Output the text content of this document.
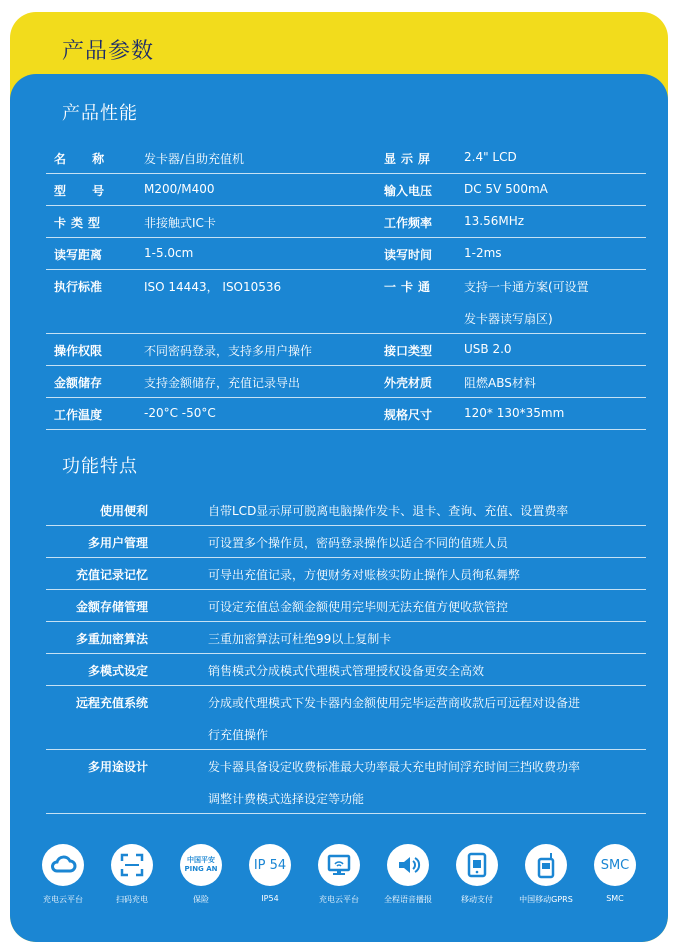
产品参数
产品性能
名 称 发卡器/自助充值机	显示屏 2.4" LCD
型 号 M200/M400	输入电压	DC 5V 500mA
卡类型	非接触式IC卡	工作频率	13.56MHz
读写距离	1-5.0cm	读写时间	1-2ms
执行标准	ISO 14443， ISO10536	一卡通 支持一卡通方案(可设置
发卡器读写扇区)
操作权限	不同密码登录，支持多用户操作	接口类型	USB 2.0
金额储存	支持金额储存，充值记录导出	外壳材质	阻燃ABS材料
工作温度	-20°C -50°C	规格尺寸	120* 130*35mm
功能特点
使用便利	自带LCD显示屏可脱离电脑操作发卡、退卡、查询、充值、设置费率
多用户管理	可设置多个操作员，密码登录操作以适合不同的值班人员
充值记录记忆	可导出充值记录，方便财务对账核实防止操作人员徇私舞弊
金额存储管理	可设定充值总金额金额使用完毕则无法充值方便收款管控
多重加密算法	三重加密算法可杜绝99以上复制卡
多模式设定	销售模式分成模式代理模式管理授权设备更安全高效
远程充值系统	分成或代理模式下发卡器内金额使用完毕运营商收款后可远程对设备进
行充值操作
多用途设计	发卡器具备设定收费标准最大功率最大充电时间浮充时间三挡收费功率
调整计费模式选择设定等功能
充电云平台	扫码充电
中国平安
PING AN
保险
IP 54
IP54	充电云平台	全程语音播报	移动支付	中国移动GPRS
SMC
SMC
